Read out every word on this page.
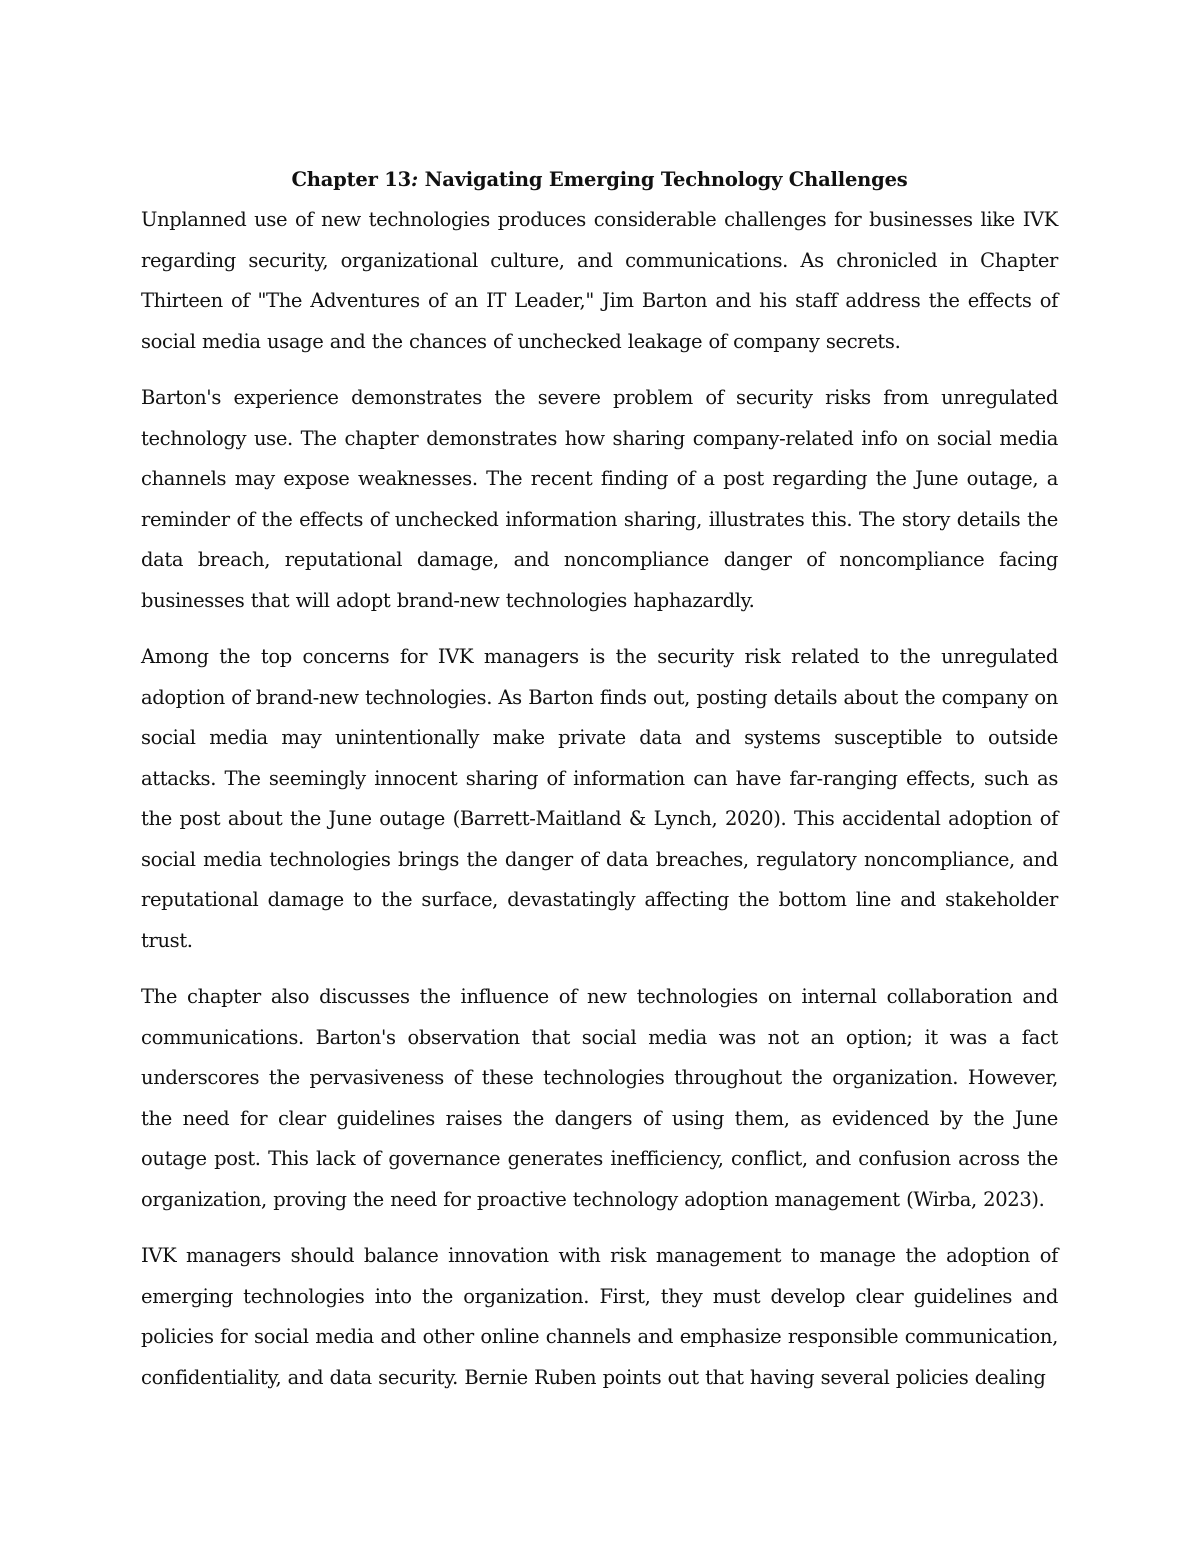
Chapter 13: Navigating Emerging Technology Challenges

Unplanned use of new technologies produces considerable challenges for businesses like IVK regarding security, organizational culture, and communications. As chronicled in Chapter Thirteen of "The Adventures of an IT Leader," Jim Barton and his staff address the effects of social media usage and the chances of unchecked leakage of company secrets.

Barton's experience demonstrates the severe problem of security risks from unregulated technology use. The chapter demonstrates how sharing company-related info on social media channels may expose weaknesses. The recent finding of a post regarding the June outage, a reminder of the effects of unchecked information sharing, illustrates this. The story details the data breach, reputational damage, and noncompliance danger of noncompliance facing businesses that will adopt brand-new technologies haphazardly.

Among the top concerns for IVK managers is the security risk related to the unregulated adoption of brand-new technologies. As Barton finds out, posting details about the company on social media may unintentionally make private data and systems susceptible to outside attacks. The seemingly innocent sharing of information can have far-ranging effects, such as the post about the June outage (Barrett-Maitland & Lynch, 2020). This accidental adoption of social media technologies brings the danger of data breaches, regulatory noncompliance, and reputational damage to the surface, devastatingly affecting the bottom line and stakeholder trust.

The chapter also discusses the influence of new technologies on internal collaboration and communications. Barton's observation that social media was not an option; it was a fact underscores the pervasiveness of these technologies throughout the organization. However, the need for clear guidelines raises the dangers of using them, as evidenced by the June outage post. This lack of governance generates inefficiency, conflict, and confusion across the organization, proving the need for proactive technology adoption management (Wirba, 2023).

IVK managers should balance innovation with risk management to manage the adoption of emerging technologies into the organization. First, they must develop clear guidelines and policies for social media and other online channels and emphasize responsible communication, confidentiality, and data security. Bernie Ruben points out that having several policies dealing
